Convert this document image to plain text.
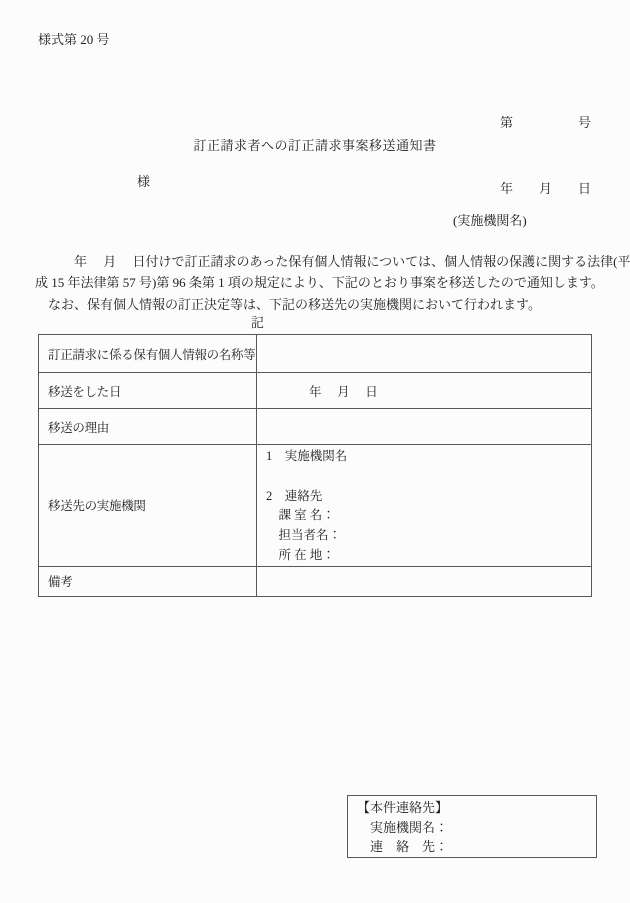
様式第 20 号

第　　　　　号

年　　月　　日

訂正請求者への訂正請求事案移送通知書
様
(実施機関名)
　　　年　 月　 日付けで訂正請求のあった保有個人情報については、個人情報の保護に関する法律(平
成 15 年法律第 57 号)第 96 条第 1 項の規定により、下記のとおり事案を移送したので通知します。
　なお、保有個人情報の訂正決定等は、下記の移送先の実施機関において行われます。
記
訂正請求に係る保有個人情報の名称等	
移送をした日	年　 月　 日
移送の理由	
移送先の実施機関	1　実施機関名
2　連絡先
　課 室 名：
　担当者名：
　所 在 地：

備考	
【本件連絡先】
　実施機関名：
　連　絡　先：
